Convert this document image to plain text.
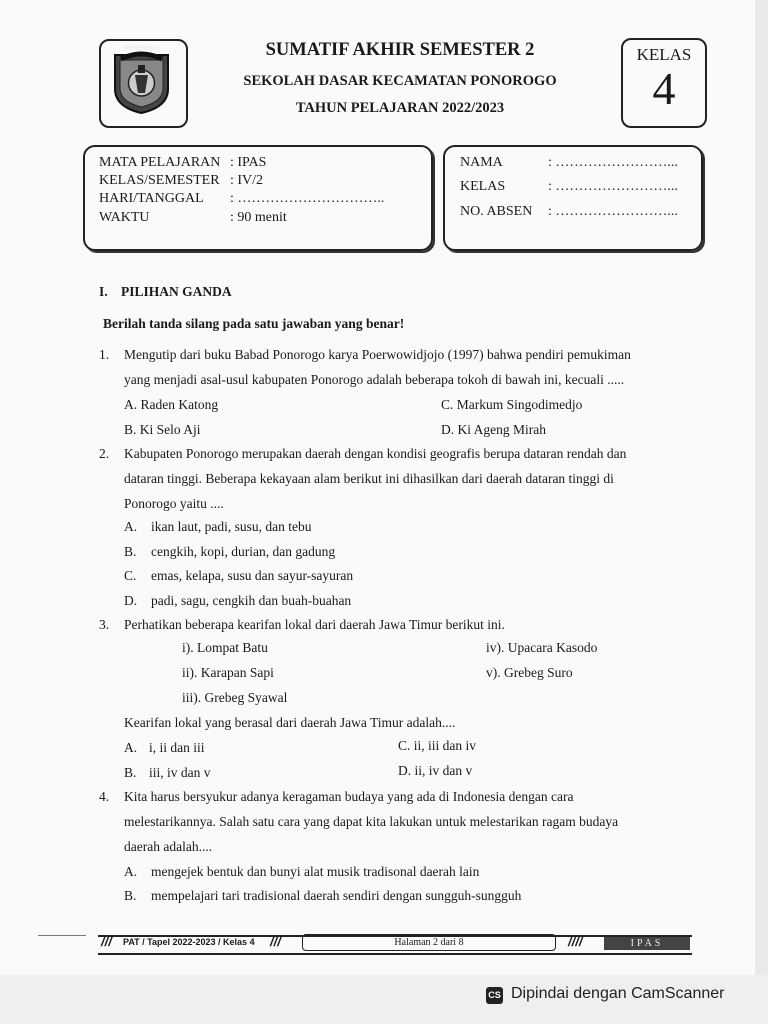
PONOROGO	SUMATIF AKHIR SEMESTER 2
SEKOLAH DASAR KECAMATAN PONOROGO
TAHUN PELAJARAN 2022/2023
KELAS
4
MATA PELAJARAN : IPAS
KELAS/SEMESTER : IV/2
HARI/TANGGAL : …………………………..
WAKTU	: 90 menit
NAMA	: ……………………...
KELAS	: ……………………...
NO. ABSEN : ……………………...
I. PILIHAN GANDA
Berilah tanda silang pada satu jawaban yang benar!
1. Mengutip dari buku Babad Ponorogo karya Poerwowidjojo (1997) bahwa pendiri pemukiman
yang menjadi asal-usul kabupaten Ponorogo adalah beberapa tokoh di bawah ini, kecuali .....
A. Raden Katong
B. Ki Selo Aji
C. Markum Singodimedjo
D. Ki Ageng Mirah
2. Kabupaten Ponorogo merupakan daerah dengan kondisi geografis berupa dataran rendah dan
dataran tinggi. Beberapa kekayaan alam berikut ini dihasilkan dari daerah dataran tinggi di
Ponorogo yaitu ....
A. ikan laut, padi, susu, dan tebu
B. cengkih, kopi, durian, dan gadung
C. emas, kelapa, susu dan sayur-sayuran
D. padi, sagu, cengkih dan buah-buahan
3. Perhatikan beberapa kearifan lokal dari daerah Jawa Timur berikut ini.
i). Lompat Batu
ii). Karapan Sapi
iii). Grebeg Syawal
iv). Upacara Kasodo
v). Grebeg Suro
Kearifan lokal yang berasal dari daerah Jawa Timur adalah....
A. i, ii dan iii
B. iii, iv dan v
C. ii, iii dan iv
D. ii, iv dan v
4. Kita harus bersyukur adanya keragaman budaya yang ada di Indonesia dengan cara
melestarikannya. Salah satu cara yang dapat kita lakukan untuk melestarikan ragam budaya
daerah adalah....
A. mengejek bentuk dan bunyi alat musik tradisonal daerah lain
B. mempelajari tari tradisional daerah sendiri dengan sungguh-sungguh
/// PAT / Tapel 2022-2023 / Kelas 4 ///	Halaman 2 dari 8	////	IPAS
CS Dipindai dengan CamScanner
